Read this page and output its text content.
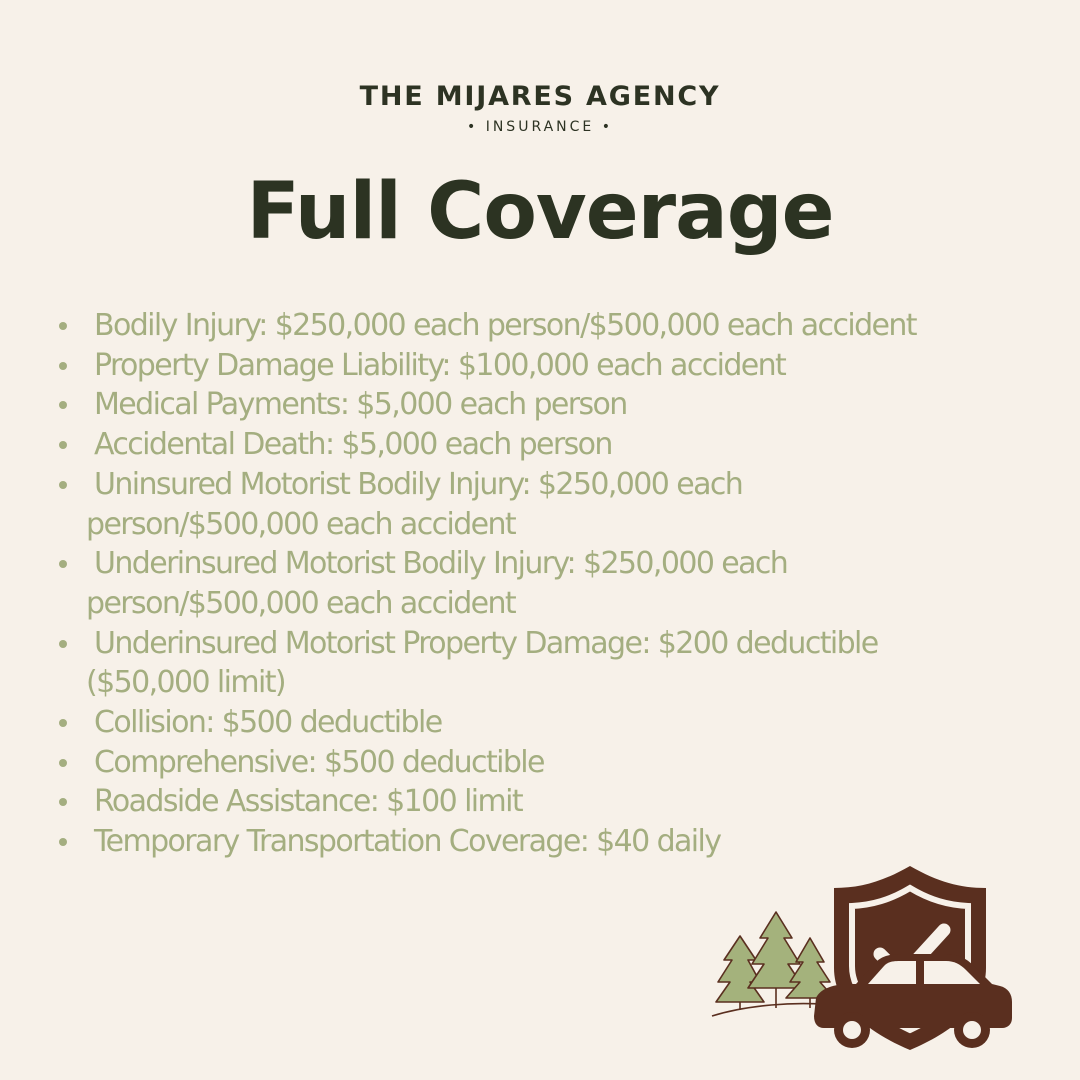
THE MIJARES AGENCY
• INSURANCE •
Full Coverage
Bodily Injury: $250,000 each person/$500,000 each accident
Property Damage Liability: $100,000 each accident
Medical Payments: $5,000 each person
Accidental Death: $5,000 each person
Uninsured Motorist Bodily Injury: $250,000 each
person/$500,000 each accident
Underinsured Motorist Bodily Injury: $250,000 each
person/$500,000 each accident
Underinsured Motorist Property Damage: $200 deductible
($50,000 limit)
Collision: $500 deductible
Comprehensive: $500 deductible
Roadside Assistance: $100 limit
Temporary Transportation Coverage: $40 daily
